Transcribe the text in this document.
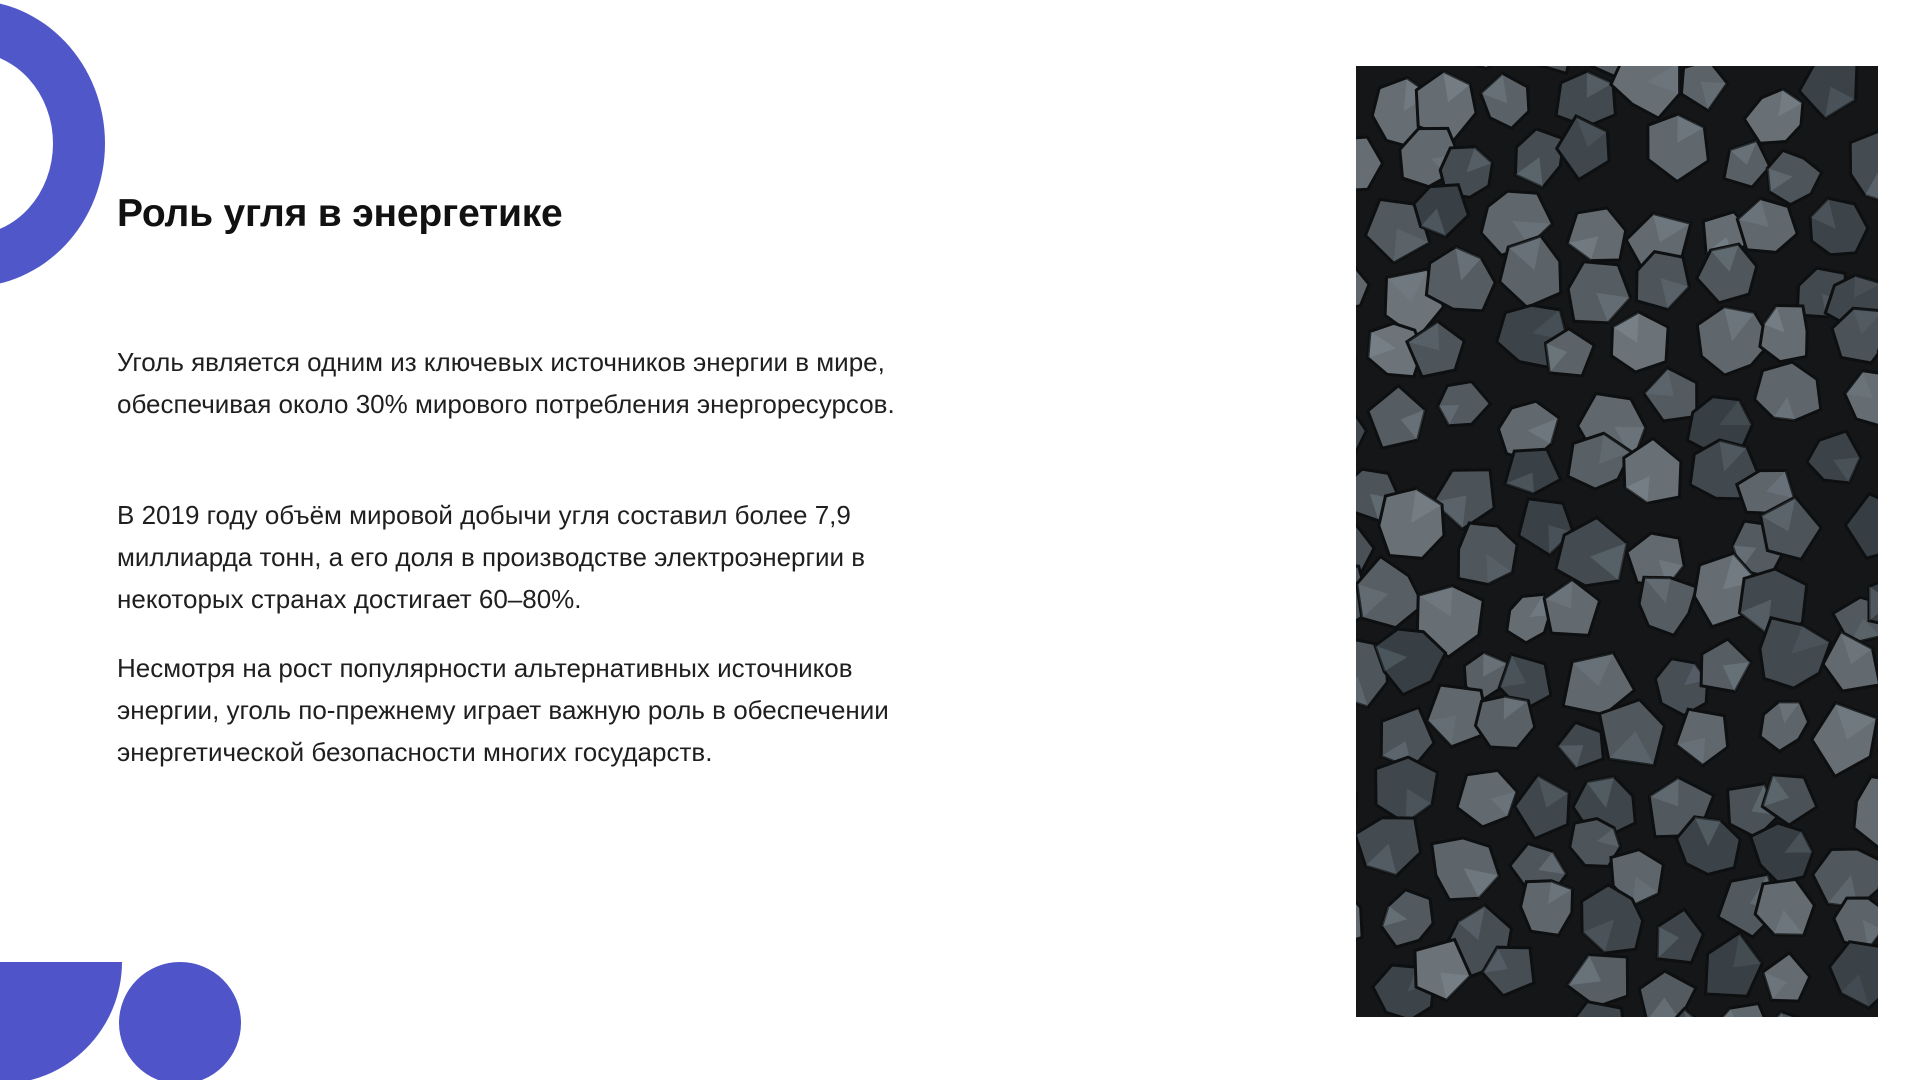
Роль угля в энергетике

Уголь является одним из ключевых источников энергии в мире, обеспечивая около 30% мирового потребления энергоресурсов.

В 2019 году объём мировой добычи угля составил более 7,9 миллиарда тонн, а его доля в производстве электроэнергии в некоторых странах достигает 60–80%.

Несмотря на рост популярности альтернативных источников энергии, уголь по-прежнему играет важную роль в обеспечении энергетической безопасности многих государств.
